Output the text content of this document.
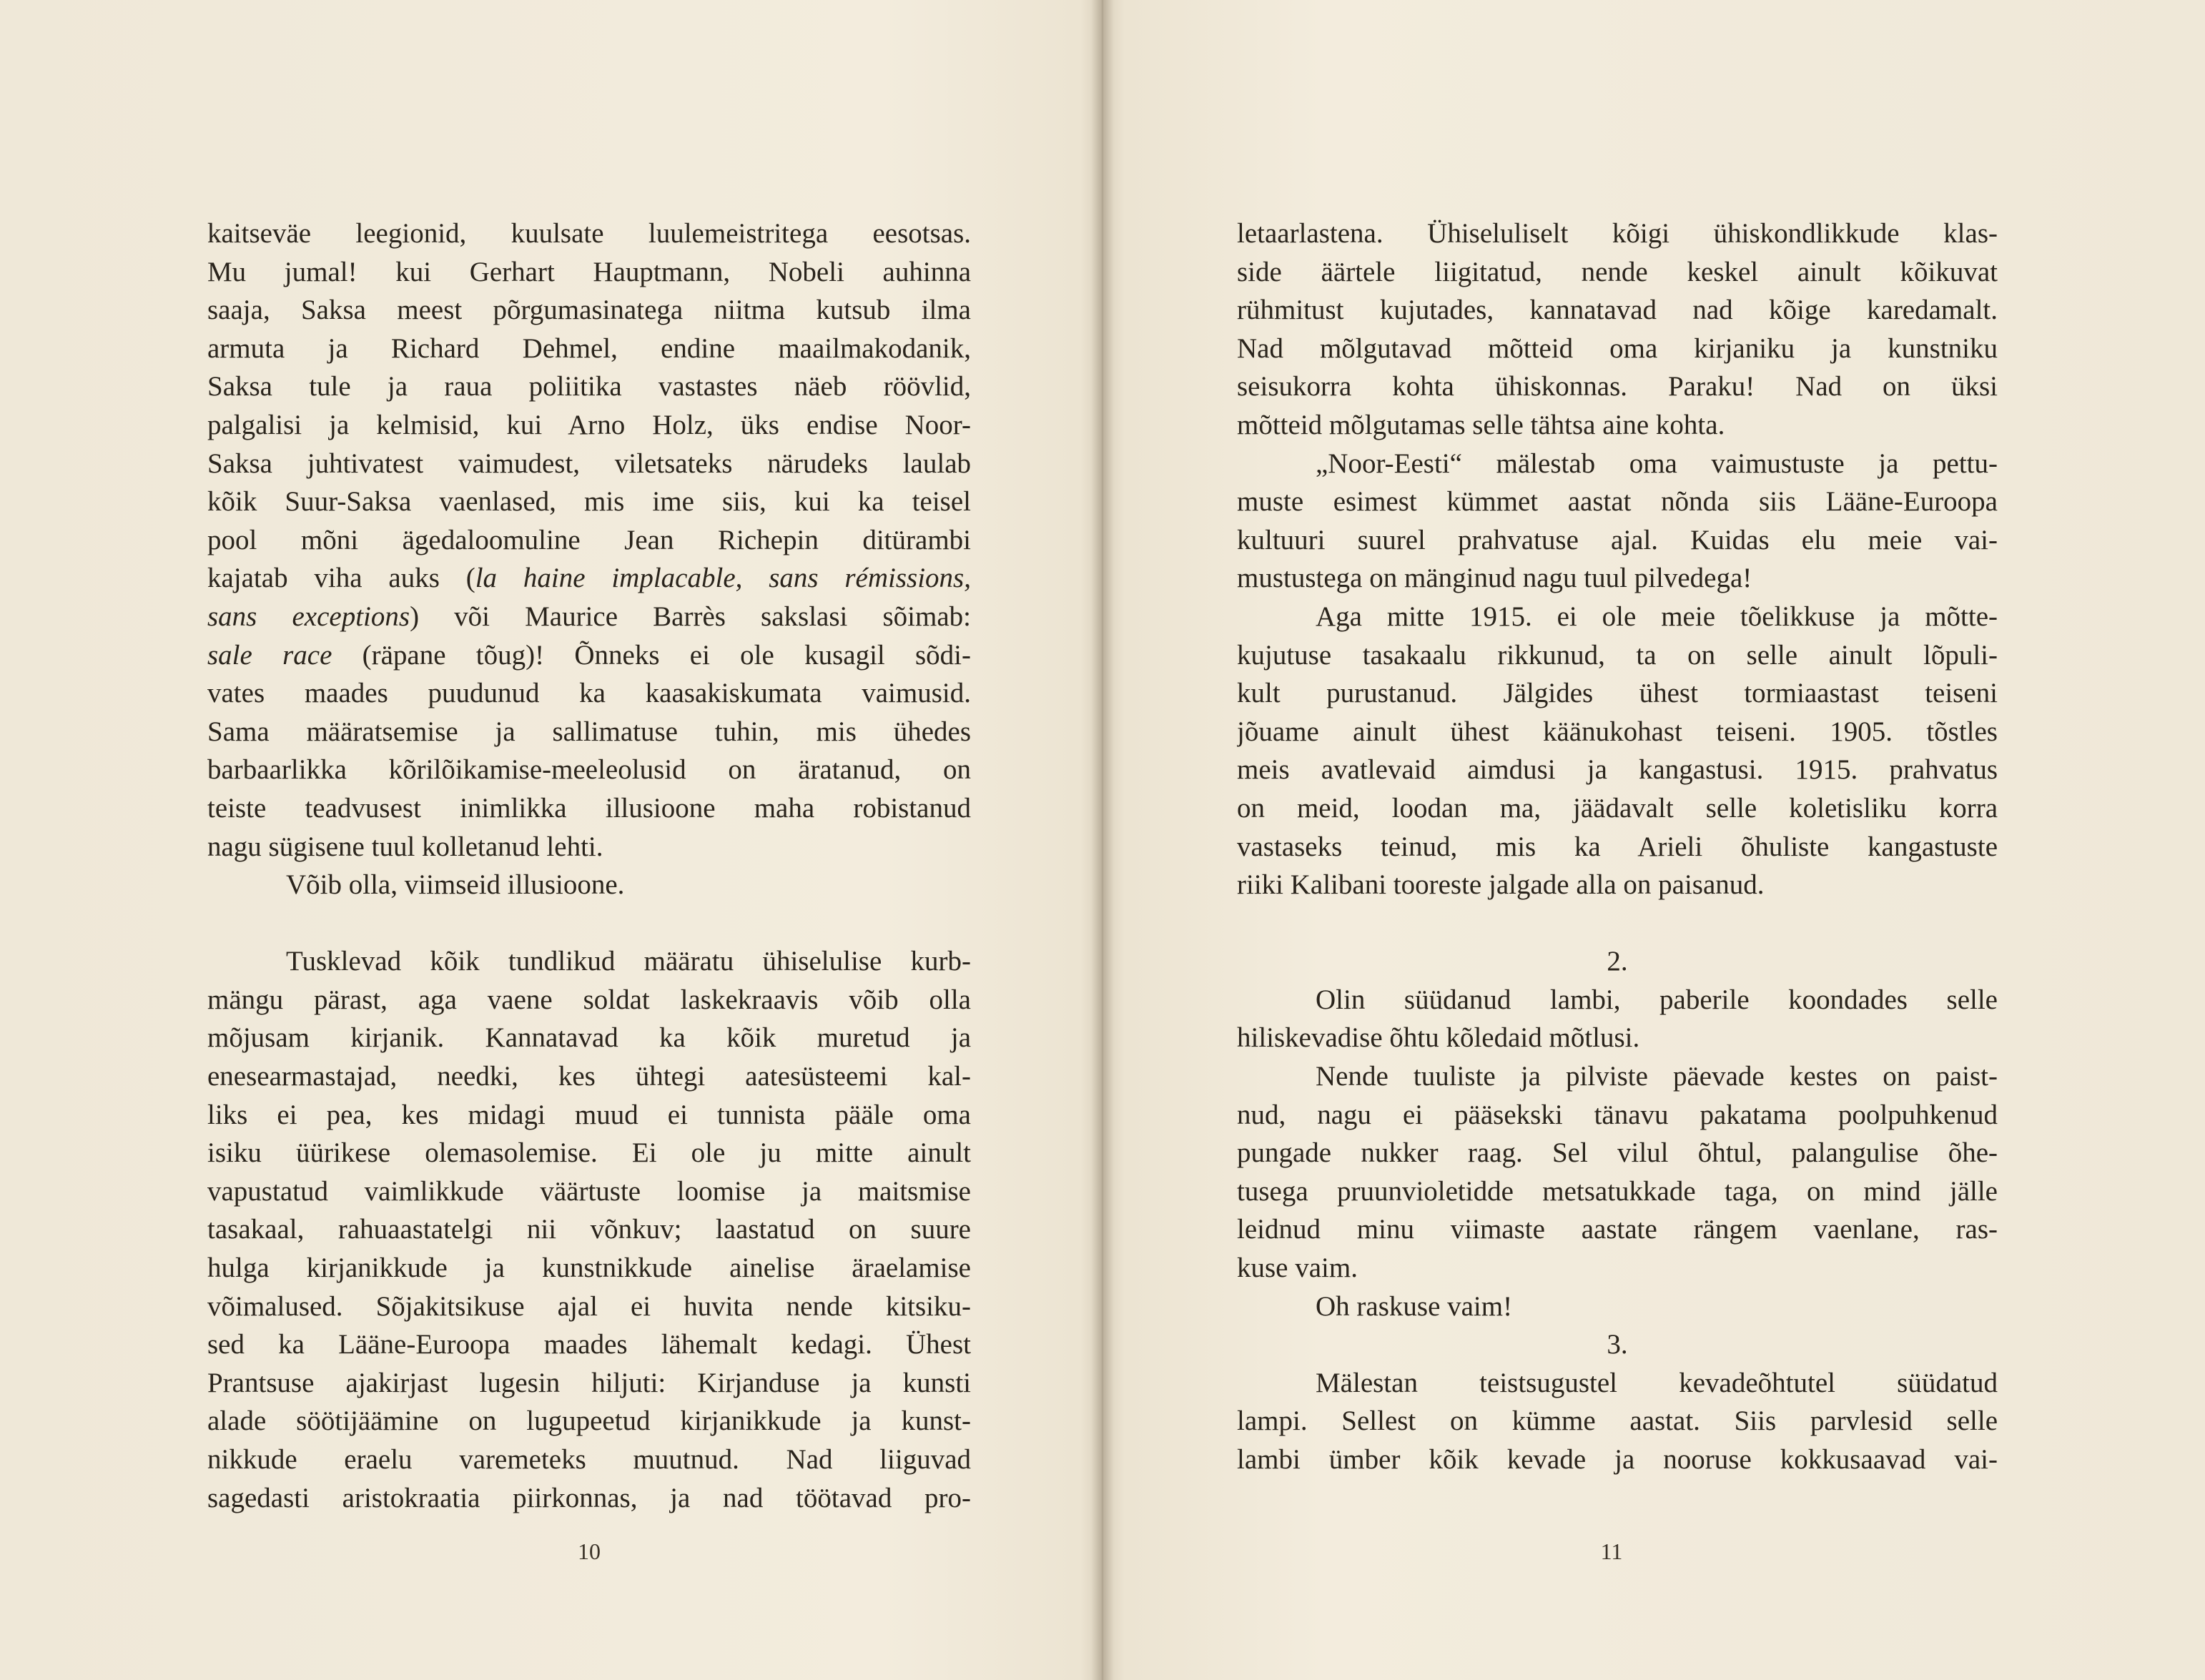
kaitseväe leegionid, kuulsate luulemeistritega eesotsas.
Mu jumal! kui Gerhart Hauptmann, Nobeli auhinna
saaja, Saksa meest põrgumasinatega niitma kutsub ilma
armuta ja Richard Dehmel, endine maailmakodanik,
Saksa tule ja raua poliitika vastastes näeb röövlid,
palgalisi ja kelmisid, kui Arno Holz, üks endise Noor-
Saksa juhtivatest vaimudest, viletsateks närudeks laulab
kõik Suur-Saksa vaenlased, mis ime siis, kui ka teisel
pool mõni ägedaloomuline Jean Richepin ditürambi
kajatab viha auks (la haine implacable, sans rémissions,
sans exceptions) või Maurice Barrès sakslasi sõimab:
sale race (räpane tõug)! Õnneks ei ole kusagil sõdi-
vates maades puudunud ka kaasakiskumata vaimusid.
Sama määratsemise ja sallimatuse tuhin, mis ühedes
barbaarlikka kõrilõikamise-meeleolusid on äratanud, on
teiste teadvusest inimlikka illusioone maha robistanud
nagu sügisene tuul kolletanud lehti.
Võib olla, viimseid illusioone.
Tusklevad kõik tundlikud määratu ühiselulise kurb-
mängu pärast, aga vaene soldat laskekraavis võib olla
mõjusam kirjanik. Kannatavad ka kõik muretud ja
enesearmastajad, needki, kes ühtegi aatesüsteemi kal-
liks ei pea, kes midagi muud ei tunnista pääle oma
isiku üürikese olemasolemise. Ei ole ju mitte ainult
vapustatud vaimlikkude väärtuste loomise ja maitsmise
tasakaal, rahuaastatelgi nii võnkuv; laastatud on suure
hulga kirjanikkude ja kunstnikkude ainelise äraelamise
võimalused. Sõjakitsikuse ajal ei huvita nende kitsiku-
sed ka Lääne-Euroopa maades lähemalt kedagi. Ühest
Prantsuse ajakirjast lugesin hiljuti: Kirjanduse ja kunsti
alade söötijäämine on lugupeetud kirjanikkude ja kunst-
nikkude eraelu varemeteks muutnud. Nad liiguvad
sagedasti aristokraatia piirkonnas, ja nad töötavad pro-
10
letaarlastena. Ühiseluliselt kõigi ühiskondlikkude klas-
side äärtele liigitatud, nende keskel ainult kõikuvat
rühmitust kujutades, kannatavad nad kõige karedamalt.
Nad mõlgutavad mõtteid oma kirjaniku ja kunstniku
seisukorra kohta ühiskonnas. Paraku! Nad on üksi
mõtteid mõlgutamas selle tähtsa aine kohta.
„Noor-Eesti“ mälestab oma vaimustuste ja pettu-
muste esimest kümmet aastat nõnda siis Lääne-Euroopa
kultuuri suurel prahvatuse ajal. Kuidas elu meie vai-
mustustega on mänginud nagu tuul pilvedega!
Aga mitte 1915. ei ole meie tõelikkuse ja mõtte-
kujutuse tasakaalu rikkunud, ta on selle ainult lõpuli-
kult purustanud. Jälgides ühest tormiaastast teiseni
jõuame ainult ühest käänukohast teiseni. 1905. tõstles
meis avatlevaid aimdusi ja kangastusi. 1915. prahvatus
on meid, loodan ma, jäädavalt selle koletisliku korra
vastaseks teinud, mis ka Arieli õhuliste kangastuste
riiki Kalibani tooreste jalgade alla on paisanud.
2.
Olin süüdanud lambi, paberile koondades selle
hiliskevadise õhtu kõledaid mõtlusi.
Nende tuuliste ja pilviste päevade kestes on paist-
nud, nagu ei pääsekski tänavu pakatama poolpuhkenud
pungade nukker raag. Sel vilul õhtul, palangulise õhe-
tusega pruunvioletidde metsatukkade taga, on mind jälle
leidnud minu viimaste aastate rängem vaenlane, ras-
kuse vaim.
Oh raskuse vaim!
3.
Mälestan teistsugustel kevadeõhtutel süüdatud
lampi. Sellest on kümme aastat. Siis parvlesid selle
lambi ümber kõik kevade ja nooruse kokkusaavad vai-
11
